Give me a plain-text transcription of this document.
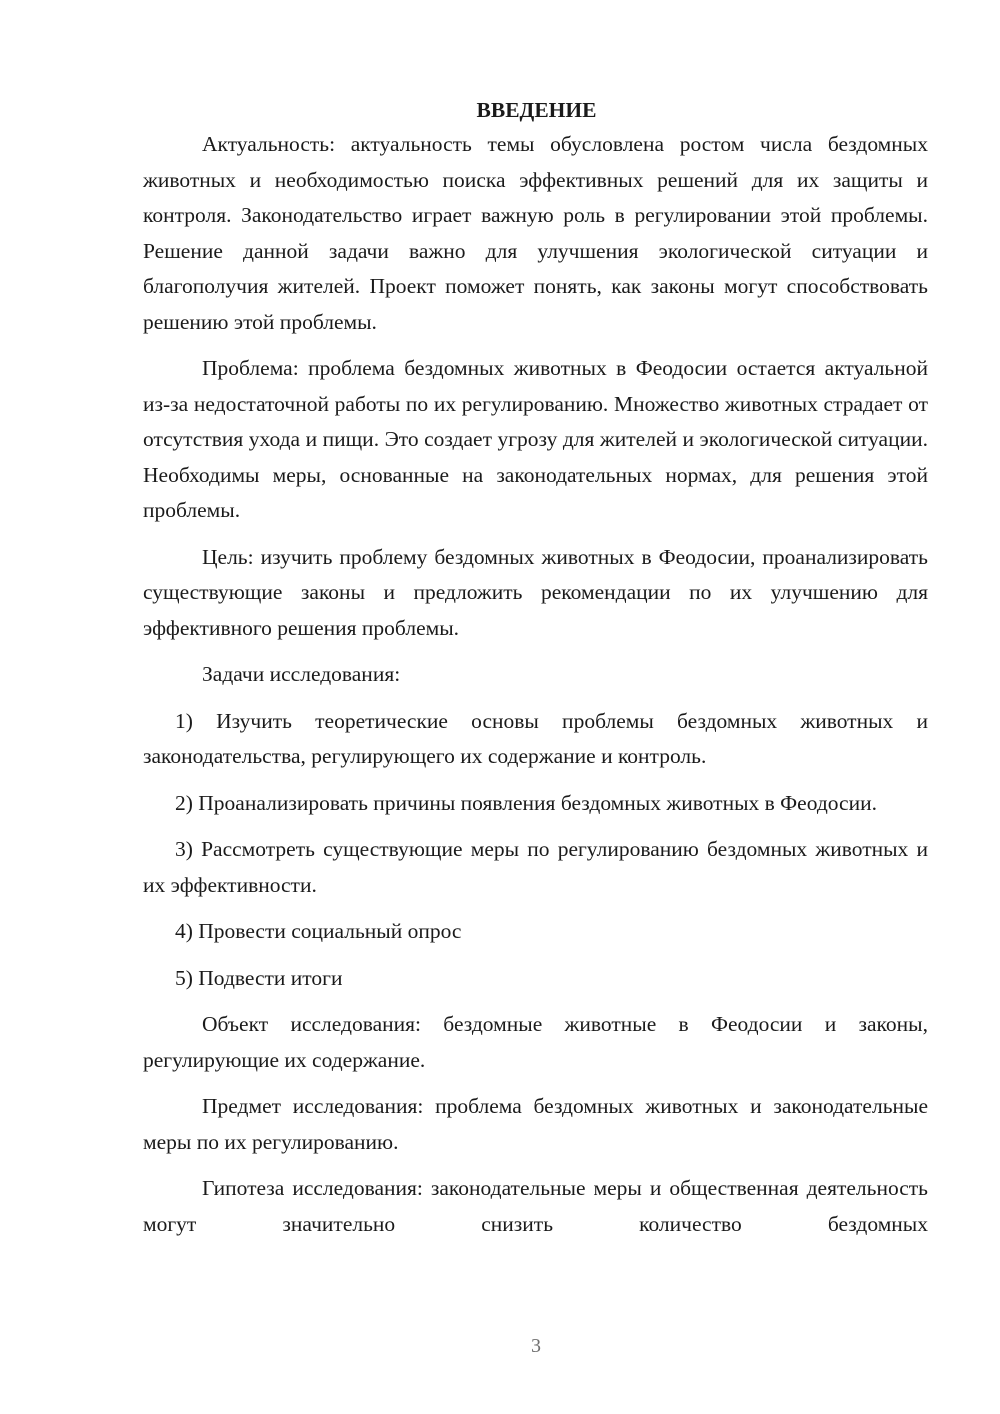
ВВЕДЕНИЕ

Актуальность: актуальность темы обусловлена ростом числа бездомных животных и необходимостью поиска эффективных решений для их защиты и контроля. Законодательство играет важную роль в регулировании этой проблемы. Решение данной задачи важно для улучшения экологической ситуации и благополучия жителей. Проект поможет понять, как законы могут способствовать решению этой проблемы.

Проблема: проблема бездомных животных в Феодосии остается актуальной из-за недостаточной работы по их регулированию. Множество животных страдает от отсутствия ухода и пищи. Это создает угрозу для жителей и экологической ситуации. Необходимы меры, основанные на законодательных нормах, для решения этой проблемы.

Цель: изучить проблему бездомных животных в Феодосии, проанализировать существующие законы и предложить рекомендации по их улучшению для эффективного решения проблемы.

Задачи исследования:

1) Изучить теоретические основы проблемы бездомных животных и законодательства, регулирующего их содержание и контроль.

2) Проанализировать причины появления бездомных животных в Феодосии.

3) Рассмотреть существующие меры по регулированию бездомных животных и их эффективности.

4) Провести социальный опрос

5) Подвести итоги

Объект исследования: бездомные животные в Феодосии и законы, регулирующие их содержание.

Предмет исследования: проблема бездомных животных и законодательные меры по их регулированию.

Гипотеза исследования: законодательные меры и общественная деятельность могут значительно снизить количество бездомных

3
